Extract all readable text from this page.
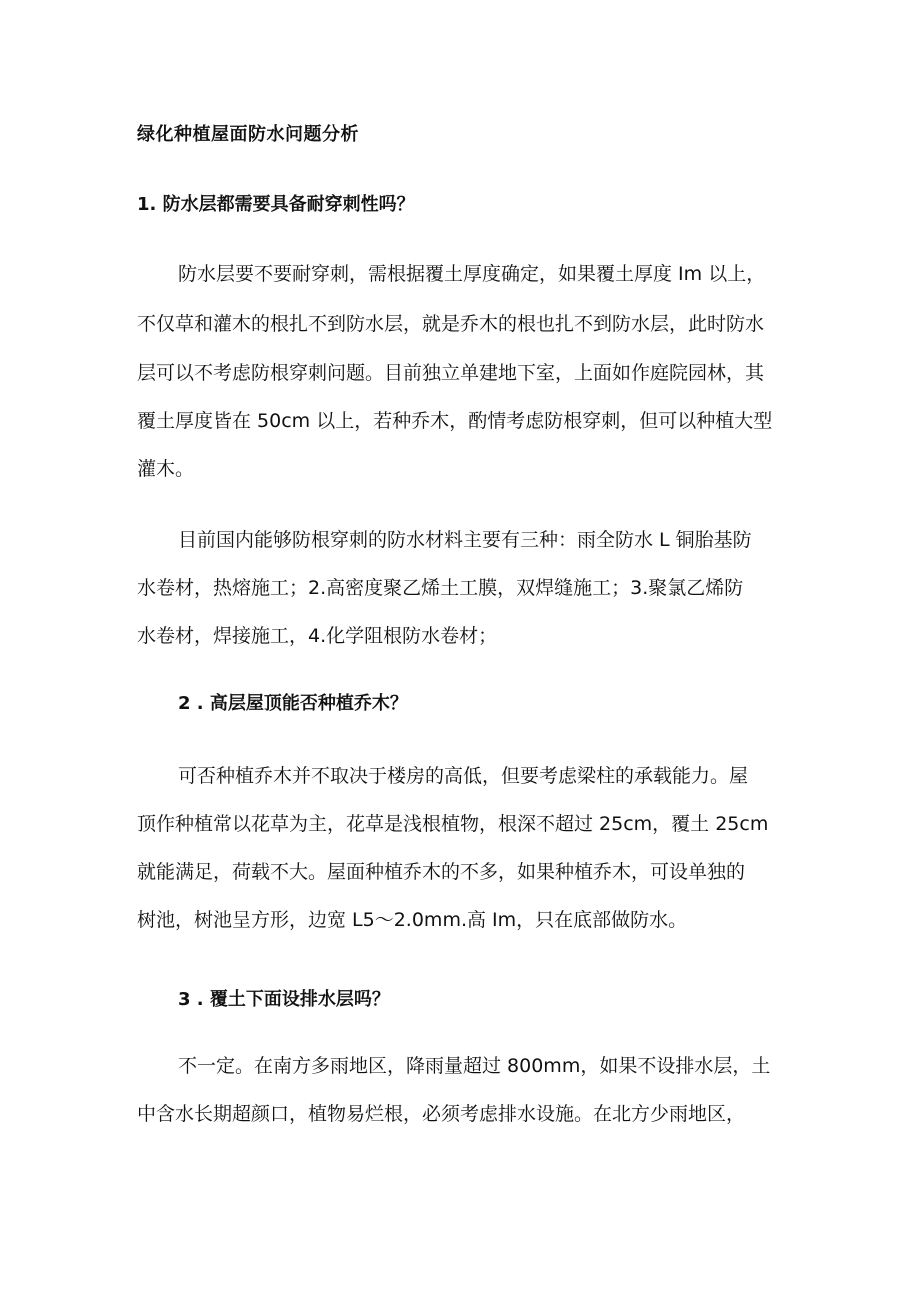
绿化种植屋面防水问题分析
1. 防水层都需要具备耐穿刺性吗？
防水层要不要耐穿刺，需根据覆土厚度确定，如果覆土厚度 Im 以上，
不仅草和灌木的根扎不到防水层，就是乔木的根也扎不到防水层，此时防水
层可以不考虑防根穿刺问题。目前独立单建地下室，上面如作庭院园林，其
覆土厚度皆在 50cm 以上，若种乔木，酌情考虑防根穿刺，但可以种植大型
灌木。
目前国内能够防根穿刺的防水材料主要有三种：雨全防水 L 铜胎基防
水卷材，热熔施工；2.高密度聚乙烯土工膜，双焊缝施工；3.聚氯乙烯防
水卷材，焊接施工，4.化学阻根防水卷材；
2 . 高层屋顶能否种植乔木？
可否种植乔木并不取决于楼房的高低，但要考虑梁柱的承载能力。屋
顶作种植常以花草为主，花草是浅根植物，根深不超过 25cm，覆土 25cm
就能满足，荷载不大。屋面种植乔木的不多，如果种植乔木，可设单独的
树池，树池呈方形，边宽 L5～2.0mm.高 Im，只在底部做防水。
3 . 覆土下面设排水层吗？
不一定。在南方多雨地区，降雨量超过 800mm，如果不设排水层，土
中含水长期超颜口，植物易烂根，必须考虑排水设施。在北方少雨地区，
